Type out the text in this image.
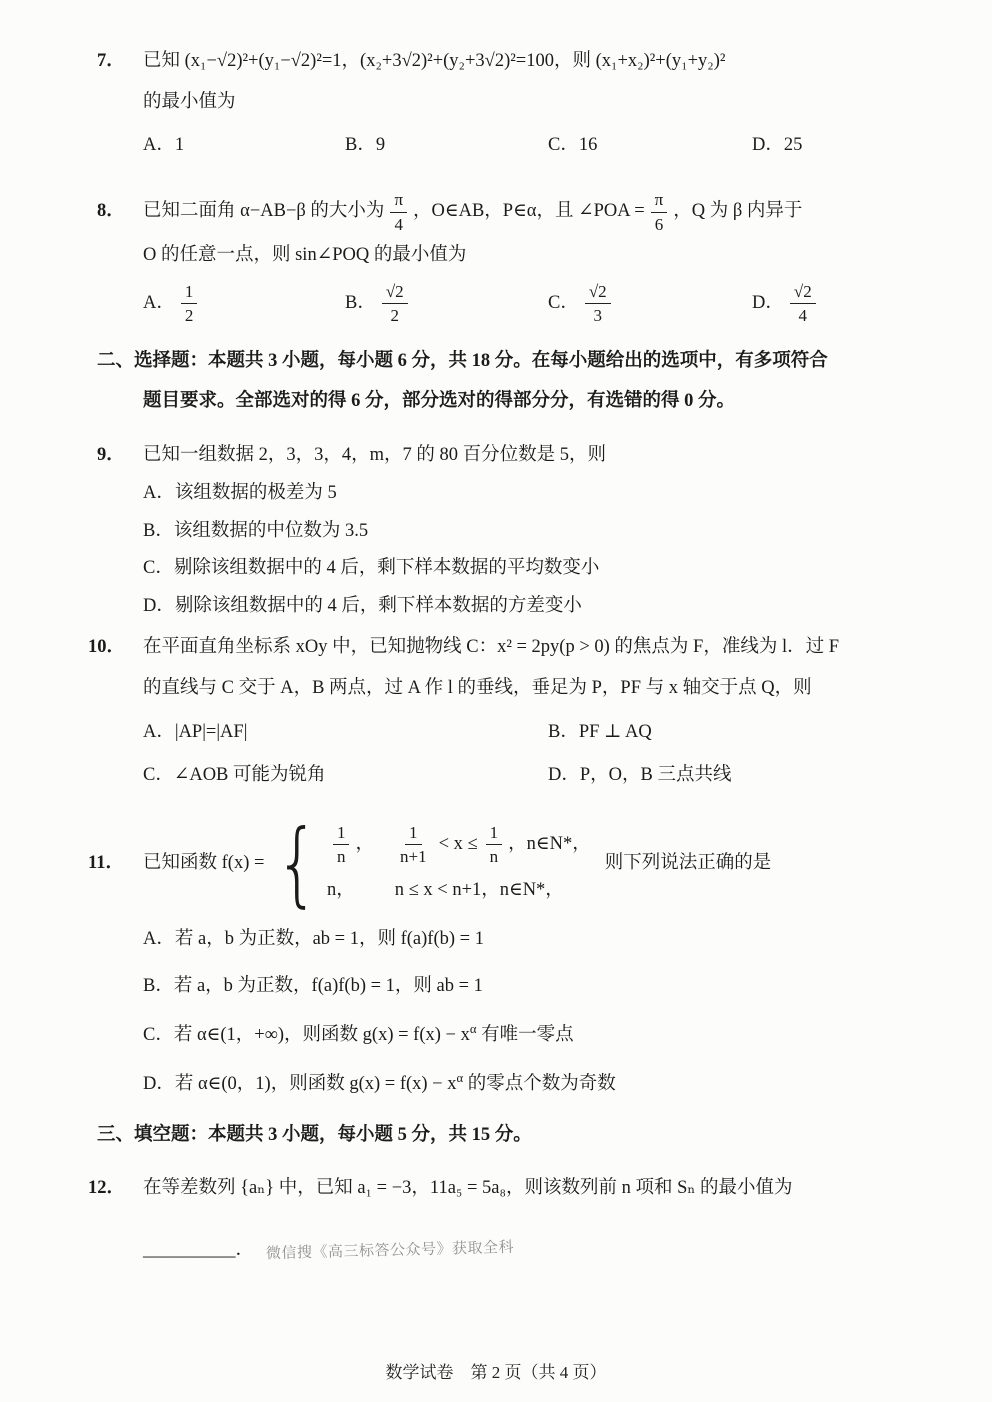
7． 已知 (x₁−√2)²+(y₁−√2)²=1，(x₂+3√2)²+(y₂+3√2)²=100，则 (x₁+x₂)²+(y₁+y₂)²
的最小值为
A．1	B．9	C．16	D．25
8． 已知二面角 α−AB−β 的大小为 $\frac{\pi}{4}$ ，O∈AB，P∈α，且 ∠POA = $\frac{\pi}{6}$ ，Q 为 β 内异于
O 的任意一点，则 sin∠POQ 的最小值为
A． $\frac{1}{2}$	B． $\frac{√2}{2}$	C． $\frac{√2}{3}$	D． $\frac{√2}{4}$
二、选择题：本题共 3 小题，每小题 6 分，共 18 分。在每小题给出的选项中，有多项符合
题目要求。全部选对的得 6 分，部分选对的得部分分，有选错的得 0 分。
9． 已知一组数据 2，3，3，4，m，7 的 80 百分位数是 5，则
A．该组数据的极差为 5
B．该组数据的中位数为 3.5
C．剔除该组数据中的 4 后，剩下样本数据的平均数变小
D．剔除该组数据中的 4 后，剩下样本数据的方差变小
10． 在平面直角坐标系 xOy 中，已知抛物线 C：x² = 2py(p > 0) 的焦点为 F，准线为 l．过 F
的直线与 C 交于 A，B 两点，过 A 作 l 的垂线，垂足为 P，PF 与 x 轴交于点 Q，则
A．|AP|=|AF|	B．PF ⊥ AQ
C．∠AOB 可能为锐角	D．P，O，B 三点共线
11．	已知函数 f(x) = { $\frac{1}{n}$ ， $\frac{1}{n+1} < x \le \frac{1}{n}$ ，n∈N*，
n， n ≤ x < n+1，n∈N*，
则下列说法正确的是
A．若 a，b 为正数，ab = 1，则 f(a)f(b) = 1
B．若 a，b 为正数，f(a)f(b) = 1，则 ab = 1
C．若 α∈(1，+∞)，则函数 $g(x) = f(x) - x^\alpha$ 有唯一零点
D．若 α∈(0，1)，则函数 $g(x) = f(x) - x^\alpha$ 的零点个数为奇数
三、填空题：本题共 3 小题，每小题 5 分，共 15 分。
12． 在等差数列 {aₙ} 中，已知 a₁ = −3，11a₅ = 5a₈，则该数列前 n 项和 Sₙ 的最小值为
__________． 微信搜《高三标答公众号》获取全科
数学试卷　第 2 页（共 4 页）
